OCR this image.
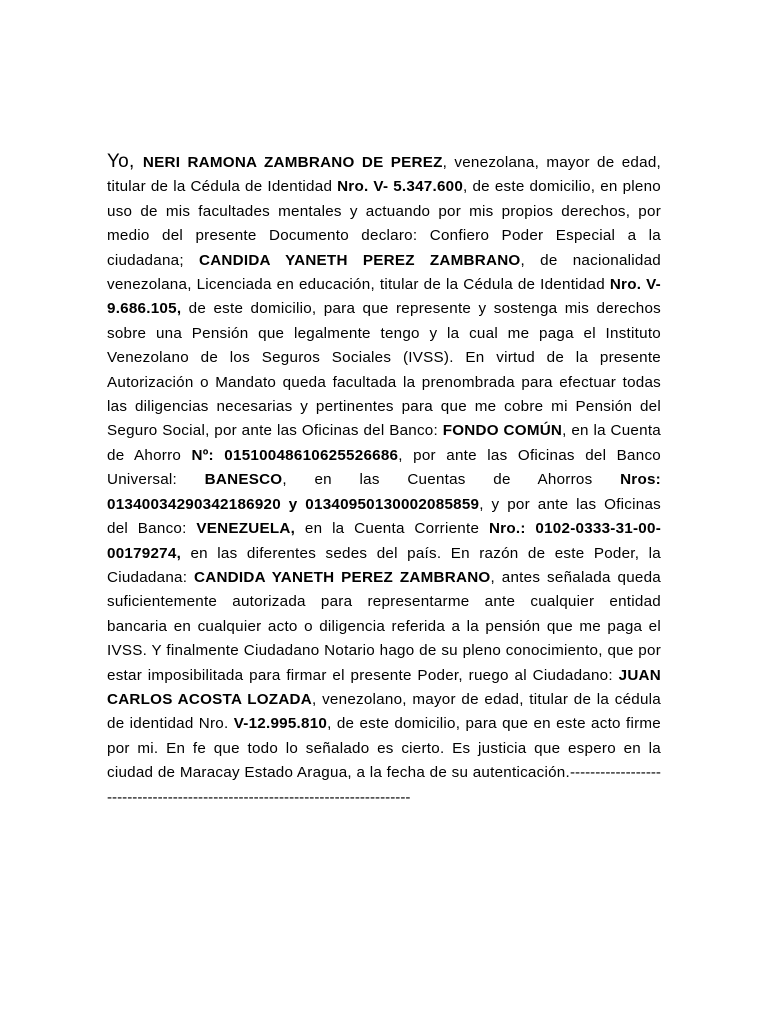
Yo, NERI RAMONA ZAMBRANO DE PEREZ, venezolana, mayor de edad, titular de la Cédula de Identidad Nro. V- 5.347.600, de este domicilio, en pleno uso de mis facultades mentales y actuando por mis propios derechos, por medio del presente Documento declaro: Confiero Poder Especial a la ciudadana; CANDIDA YANETH PEREZ ZAMBRANO, de nacionalidad venezolana, Licenciada en educación, titular de la Cédula de Identidad Nro. V-9.686.105, de este domicilio, para que represente y sostenga mis derechos sobre una Pensión que legalmente tengo y la cual me paga el Instituto Venezolano de los Seguros Sociales (IVSS). En virtud de la presente Autorización o Mandato queda facultada la prenombrada para efectuar todas las diligencias necesarias y pertinentes para que me cobre mi Pensión del Seguro Social, por ante las Oficinas del Banco: FONDO COMÚN, en la Cuenta de Ahorro Nº: 01510048610625526686, por ante las Oficinas del Banco Universal: BANESCO, en las Cuentas de Ahorros Nros: 01340034290342186920 y 01340950130002085859, y por ante las Oficinas del Banco: VENEZUELA, en la Cuenta Corriente Nro.: 0102-0333-31-00-00179274, en las diferentes sedes del país. En razón de este Poder, la Ciudadana: CANDIDA YANETH PEREZ ZAMBRANO, antes señalada queda suficientemente autorizada para representarme ante cualquier entidad bancaria en cualquier acto o diligencia referida a la pensión que me paga el IVSS. Y finalmente Ciudadano Notario hago de su pleno conocimiento, que por estar imposibilitada para firmar el presente Poder, ruego al Ciudadano: JUAN CARLOS ACOSTA LOZADA, venezolano, mayor de edad, titular de la cédula de identidad Nro. V-12.995.810, de este domicilio, para que en este acto firme por mi. En fe que todo lo señalado es cierto. Es justicia que espero en la ciudad de Maracay Estado Aragua, a la fecha de su autenticación.------------------------------------------------------------------------------
